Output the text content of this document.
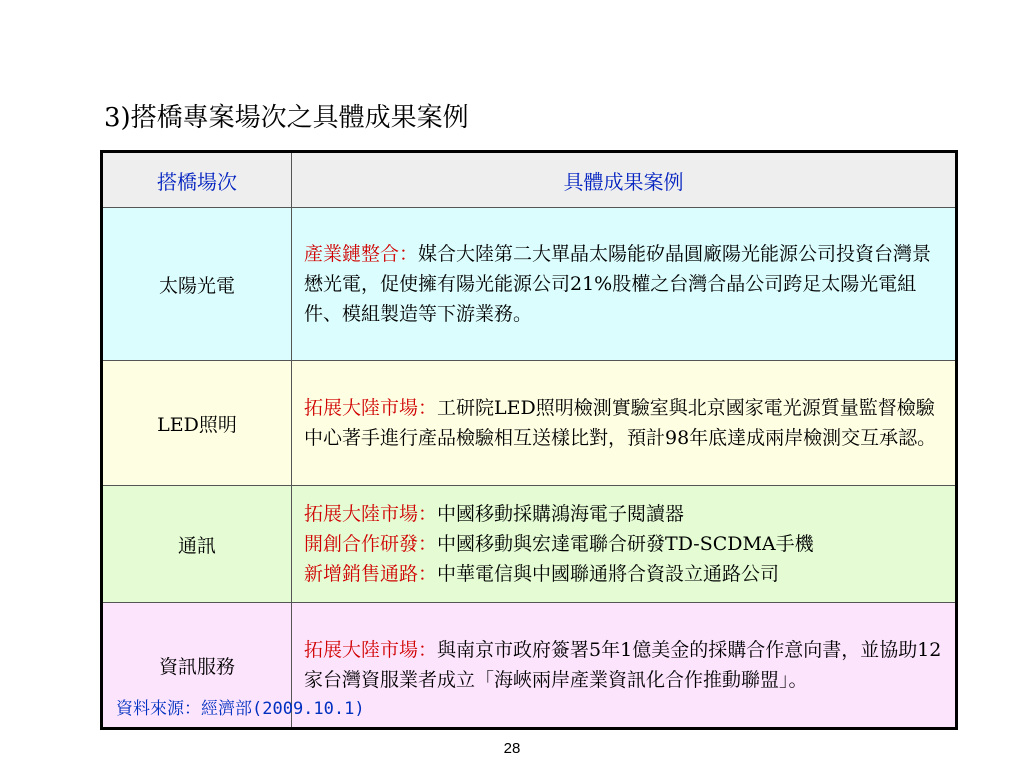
3)搭橋專案場次之具體成果案例
搭橋場次	具體成果案例
太陽光電	產業鏈整合：媒合大陸第二大單晶太陽能矽晶圓廠陽光能源公司投資台灣景懋光電，促使擁有陽光能源公司21%股權之台灣合晶公司跨足太陽光電組件、模組製造等下游業務。
LED照明	拓展大陸市場：工研院LED照明檢測實驗室與北京國家電光源質量監督檢驗中心著手進行產品檢驗相互送樣比對，預計98年底達成兩岸檢測交互承認。
通訊	拓展大陸市場：中國移動採購鴻海電子閱讀器
開創合作研發：中國移動與宏達電聯合研發TD-SCDMA手機
新增銷售通路：中華電信與中國聯通將合資設立通路公司

資訊服務	拓展大陸市場：與南京市政府簽署5年1億美金的採購合作意向書，並協助12家台灣資服業者成立「海峽兩岸產業資訊化合作推動聯盟」。
資料來源：經濟部(2009.10.1)
28
